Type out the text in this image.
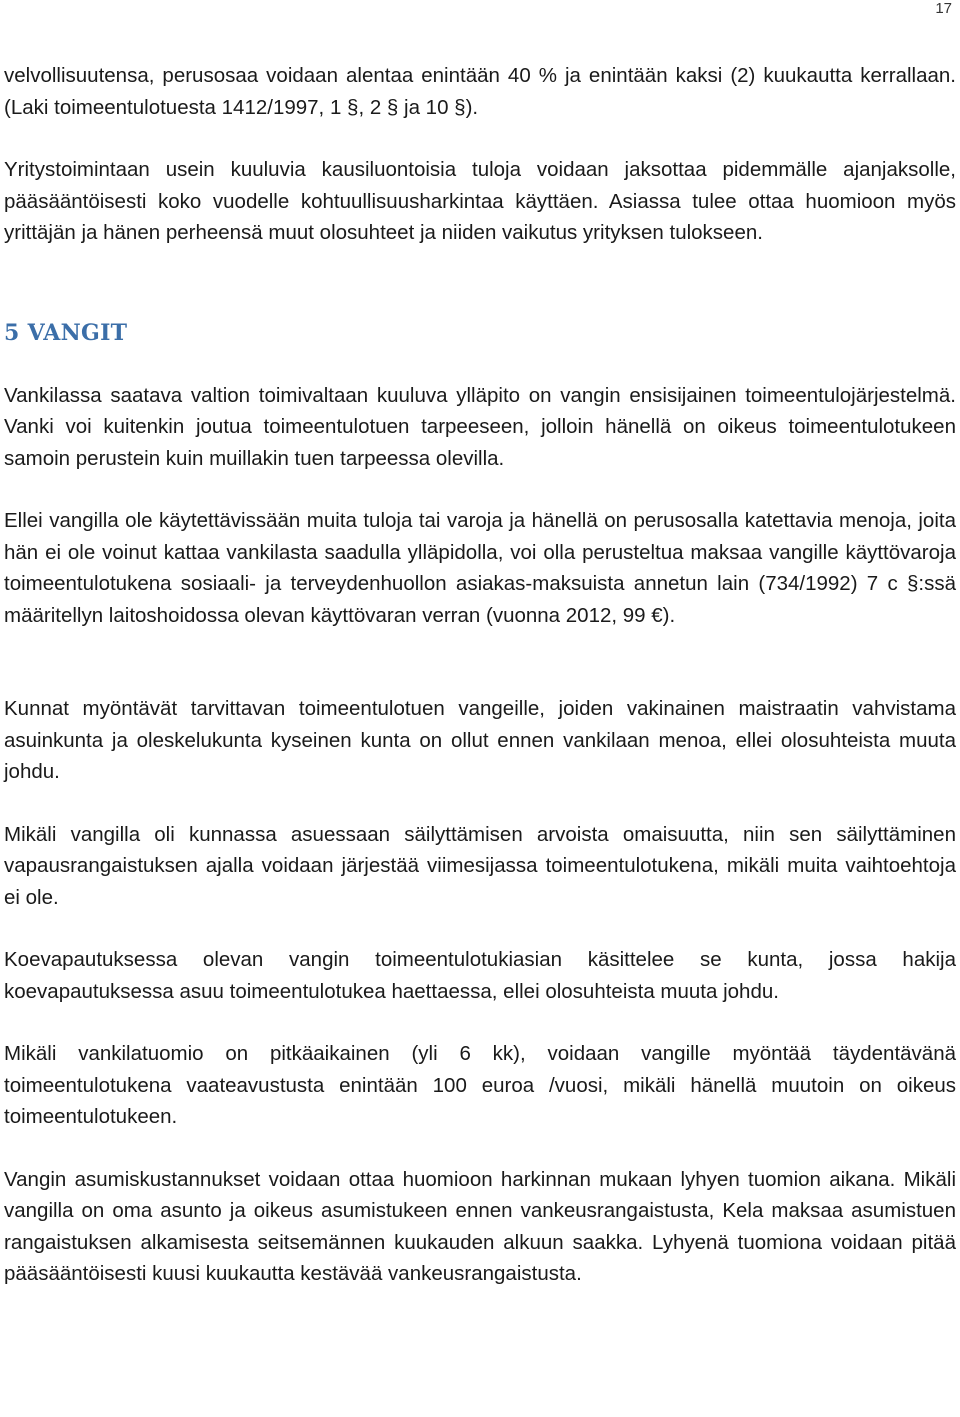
17

velvollisuutensa, perusosaa voidaan alentaa enintään 40 % ja enintään kaksi (2) kuukautta kerrallaan. (Laki toimeentulotuesta 1412/1997, 1 §, 2 § ja 10 §).

Yritystoimintaan usein kuuluvia kausiluontoisia tuloja voidaan jaksottaa pidemmälle ajanjaksolle, pääsääntöisesti koko vuodelle kohtuullisuusharkintaa käyttäen. Asiassa tulee ottaa huomioon myös yrittäjän ja hänen perheensä muut olosuhteet ja niiden vaikutus yrityksen tulokseen.

5 VANGIT

Vankilassa saatava valtion toimivaltaan kuuluva ylläpito on vangin ensisijainen toimeentulojärjestelmä. Vanki voi kuitenkin joutua toimeentulotuen tarpeeseen, jolloin hänellä on oikeus toimeentulotukeen samoin perustein kuin muillakin tuen tarpeessa olevilla.

Ellei vangilla ole käytettävissään muita tuloja tai varoja ja hänellä on perusosalla katettavia menoja, joita hän ei ole voinut kattaa vankilasta saadulla ylläpidolla, voi olla perusteltua maksaa vangille käyttövaroja toimeentulotukena sosiaali- ja terveydenhuollon asiakas-maksuista annetun lain (734/1992) 7 c §:ssä määritellyn laitoshoidossa olevan käyttövaran verran (vuonna 2012, 99 €).

Kunnat myöntävät tarvittavan toimeentulotuen vangeille, joiden vakinainen maistraatin vahvistama asuinkunta ja oleskelukunta kyseinen kunta on ollut ennen vankilaan menoa, ellei olosuhteista muuta johdu.

Mikäli vangilla oli kunnassa asuessaan säilyttämisen arvoista omaisuutta, niin sen säilyttäminen vapausrangaistuksen ajalla voidaan järjestää viimesijassa toimeentulotukena, mikäli muita vaihtoehtoja ei ole.

Koevapautuksessa olevan vangin toimeentulotukiasian käsittelee se kunta, jossa hakija koevapautuksessa asuu toimeentulotukea haettaessa, ellei olosuhteista muuta johdu.

Mikäli vankilatuomio on pitkäaikainen (yli 6 kk), voidaan vangille myöntää täydentävänä toimeentulotukena vaateavustusta enintään 100 euroa /vuosi, mikäli hänellä muutoin on oikeus toimeentulotukeen.

Vangin asumiskustannukset voidaan ottaa huomioon harkinnan mukaan lyhyen tuomion aikana. Mikäli vangilla on oma asunto ja oikeus asumistukeen ennen vankeusrangaistusta, Kela maksaa asumistuen rangaistuksen alkamisesta seitsemännen kuukauden alkuun saakka. Lyhyenä tuomiona voidaan pitää pääsääntöisesti kuusi kuukautta kestävää vankeusrangaistusta.
